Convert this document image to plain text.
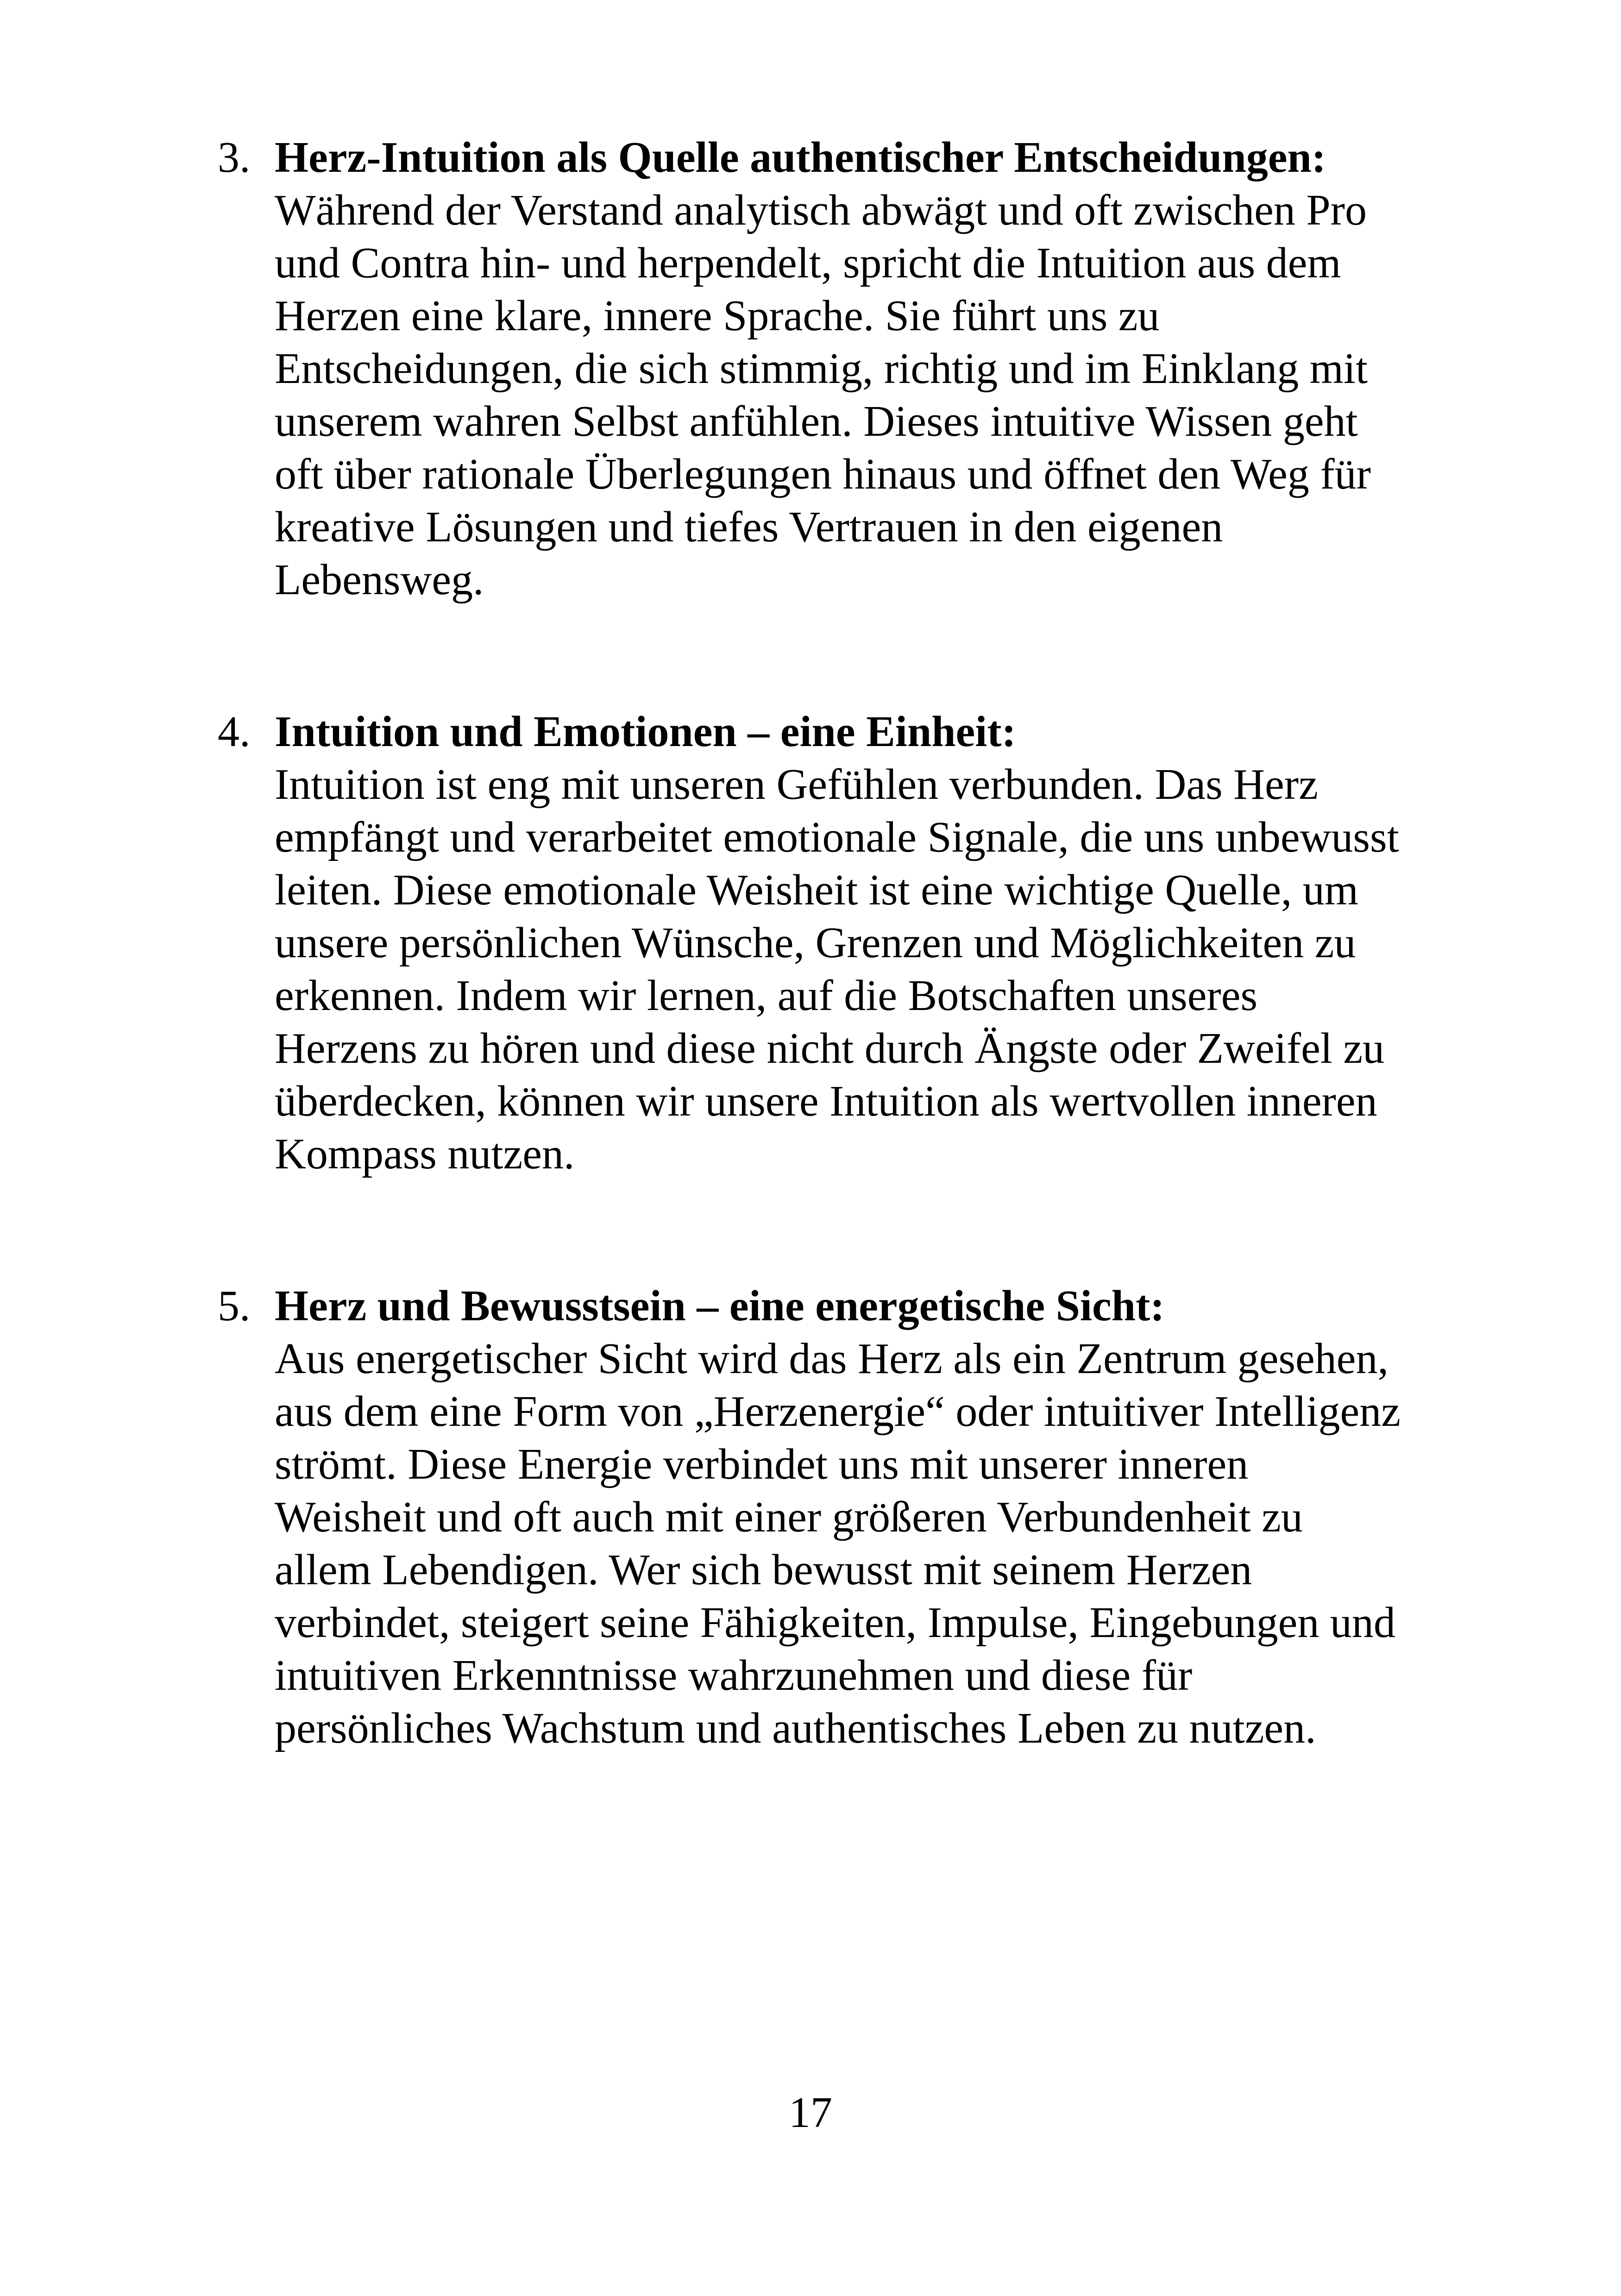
3. Herz-Intuition als Quelle authentischer Entscheidungen:
Während der Verstand analytisch abwägt und oft zwischen Pro
und Contra hin- und herpendelt, spricht die Intuition aus dem
Herzen eine klare, innere Sprache. Sie führt uns zu
Entscheidungen, die sich stimmig, richtig und im Einklang mit
unserem wahren Selbst anfühlen. Dieses intuitive Wissen geht
oft über rationale Überlegungen hinaus und öffnet den Weg für
kreative Lösungen und tiefes Vertrauen in den eigenen
Lebensweg.
4. Intuition und Emotionen – eine Einheit:
Intuition ist eng mit unseren Gefühlen verbunden. Das Herz
empfängt und verarbeitet emotionale Signale, die uns unbewusst
leiten. Diese emotionale Weisheit ist eine wichtige Quelle, um
unsere persönlichen Wünsche, Grenzen und Möglichkeiten zu
erkennen. Indem wir lernen, auf die Botschaften unseres
Herzens zu hören und diese nicht durch Ängste oder Zweifel zu
überdecken, können wir unsere Intuition als wertvollen inneren
Kompass nutzen.
5. Herz und Bewusstsein – eine energetische Sicht:
Aus energetischer Sicht wird das Herz als ein Zentrum gesehen,
aus dem eine Form von „Herzenergie“ oder intuitiver Intelligenz
strömt. Diese Energie verbindet uns mit unserer inneren
Weisheit und oft auch mit einer größeren Verbundenheit zu
allem Lebendigen. Wer sich bewusst mit seinem Herzen
verbindet, steigert seine Fähigkeiten, Impulse, Eingebungen und
intuitiven Erkenntnisse wahrzunehmen und diese für
persönliches Wachstum und authentisches Leben zu nutzen.
17
